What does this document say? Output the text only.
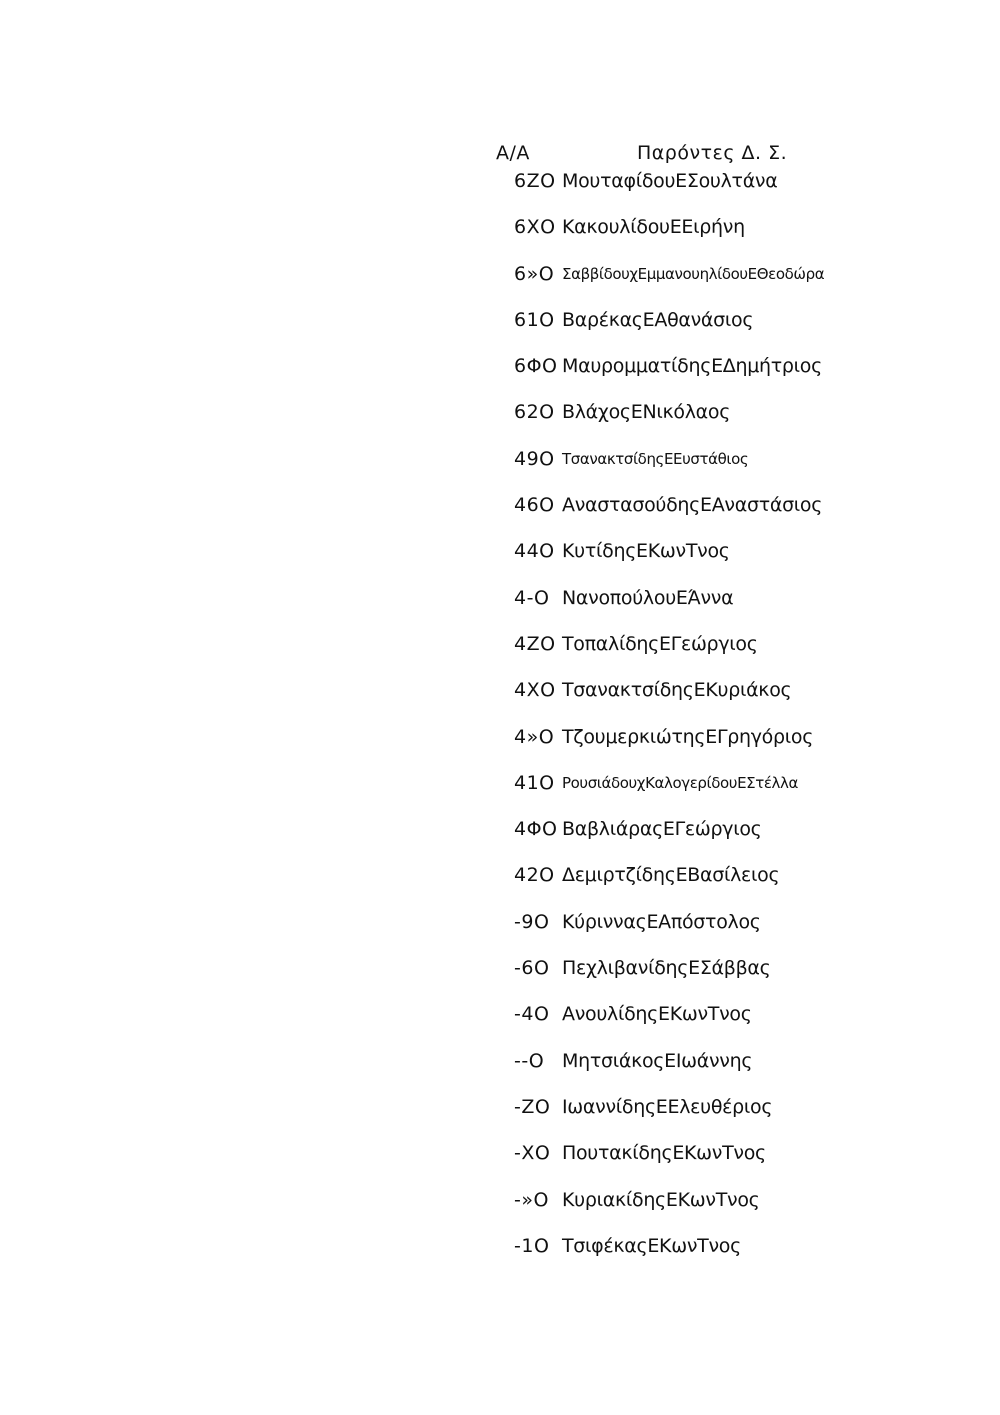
Α/Α	Παρόντες Δ. Σ.
6ΖΟ ΜουταφίδουΕΣουλτάνα
6ΧΟ ΚακουλίδουΕΕιρήνη
6»Ο ΣαββίδουχΕμμανουηλίδουΕΘεοδώρα
61Ο ΒαρέκαςΕΑθανάσιος
6ΦΟ ΜαυρομματίδηςΕΔημήτριος
62Ο ΒλάχοςΕΝικόλαος
49Ο ΤσανακτσίδηςΕΕυστάθιος
46Ο ΑναστασούδηςΕΑναστάσιος
44Ο ΚυτίδηςΕΚωνΤνος
4-Ο ΝανοπούλουΕΆννα
4ΖΟ ΤοπαλίδηςΕΓεώργιος
4ΧΟ ΤσανακτσίδηςΕΚυριάκος
4»Ο ΤζουμερκιώτηςΕΓρηγόριος
41Ο ΡουσιάδουχΚαλογερίδουΕΣτέλλα
4ΦΟ ΒαβλιάραςΕΓεώργιος
42Ο ΔεμιρτζίδηςΕΒασίλειος
-9Ο ΚύρινναςΕΑπόστολος
-6Ο ΠεχλιβανίδηςΕΣάββας
-4Ο ΑνουλίδηςΕΚωνΤνος
--Ο ΜητσιάκοςΕΙωάννης
-ΖΟ ΙωαννίδηςΕΕλευθέριος
-ΧΟ ΠουτακίδηςΕΚωνΤνος
-»Ο ΚυριακίδηςΕΚωνΤνος
-1Ο ΤσιφέκαςΕΚωνΤνος
